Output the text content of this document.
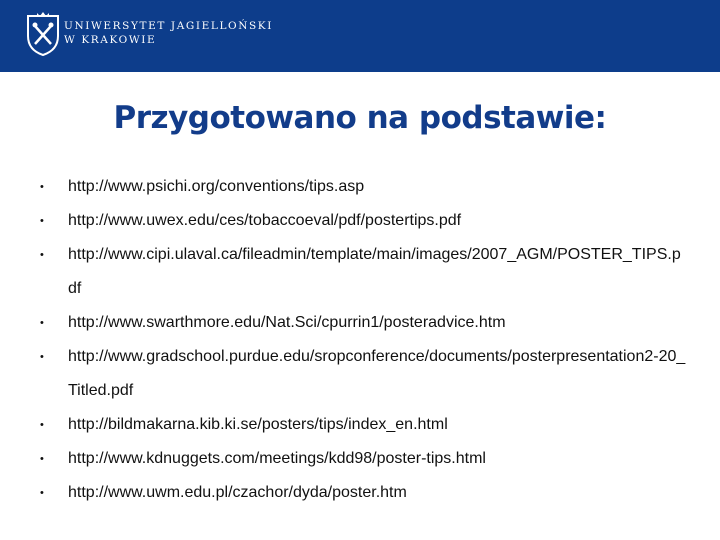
UNIWERSYTET JAGIELLOŃSKI
W KRAKOWIE
Przygotowano na podstawie:
• http://www.psichi.org/conventions/tips.asp
• http://www.uwex.edu/ces/tobaccoeval/pdf/postertips.pdf
• http://www.cipi.ulaval.ca/fileadmin/template/main/images/2007_AGM/POSTER_TIPS.pdf
• http://www.swarthmore.edu/Nat.Sci/cpurrin1/posteradvice.htm
• http://www.gradschool.purdue.edu/sropconference/documents/posterpresentation2-20_Titled.pdf
• http://bildmakarna.kib.ki.se/posters/tips/index_en.html
• http://www.kdnuggets.com/meetings/kdd98/poster-tips.html
• http://www.uwm.edu.pl/czachor/dyda/poster.htm
